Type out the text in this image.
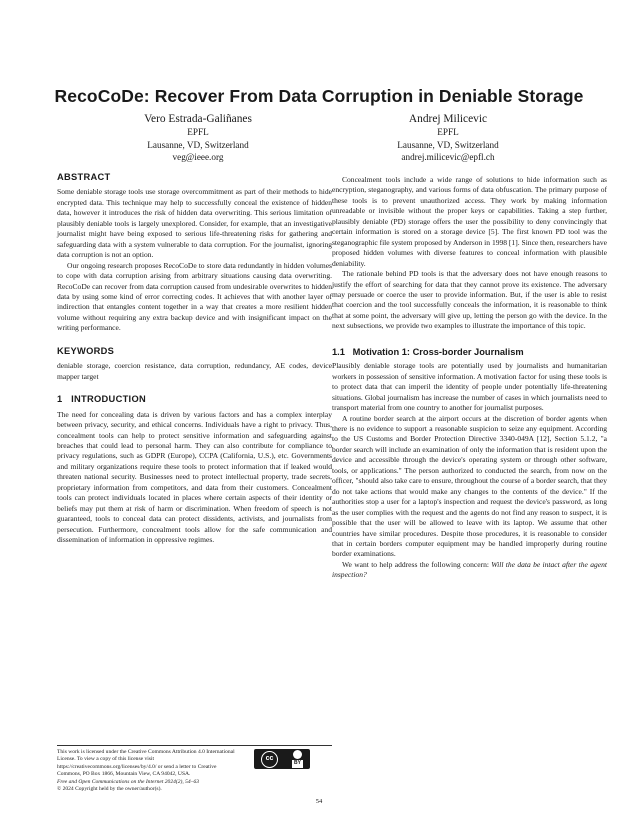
RecoCoDe: Recover From Data Corruption in Deniable Storage
Vero Estrada-Galiñanes
EPFL
Lausanne, VD, Switzerland
veg@ieee.org
Andrej Milicevic
EPFL
Lausanne, VD, Switzerland
andrej.milicevic@epfl.ch
ABSTRACT

Some deniable storage tools use storage overcommitment as part of their methods to hide encrypted data. This technique may help to successfully conceal the existence of hidden data, however it introduces the risk of hidden data overwriting. This serious limitation of plausibly deniable tools is largely unexplored. Consider, for example, that an investigative journalist might have being exposed to serious life-threatening risks for gathering and safeguarding data with a system vulnerable to data corruption. For the journalist, ignoring data corruption is not an option.

Our ongoing research proposes RecoCoDe to store data redundantly in hidden volumes to cope with data corruption arising from arbitrary situations causing data overwriting. RecoCoDe can recover from data corruption caused from undesirable overwrites to hidden data by using some kind of error correcting codes. It achieves that with another layer of indirection that entangles content together in a way that creates a more resilient hidden volume without requiring any extra backup device and with insignificant impact on the writing performance.

KEYWORDS

deniable storage, coercion resistance, data corruption, redundancy, AE codes, device mapper target

1   INTRODUCTION

The need for concealing data is driven by various factors and has a complex interplay between privacy, security, and ethical concerns. Individuals have a right to privacy. Thus, concealment tools can help to protect sensitive information and safeguarding against breaches that could lead to personal harm. They can also contribute for compliance to privacy regulations, such as GDPR (Europe), CCPA (California, U.S.), etc. Governments and military organizations require these tools to protect information that if leaked would threaten national security. Businesses need to protect intellectual property, trade secrets, proprietary information from competitors, and data from their customers. Concealment tools can protect individuals located in places where certain aspects of their identity or beliefs may put them at risk of harm or discrimination. When freedom of speech is not guaranteed, tools to conceal data can protect dissidents, activists, and journalists from persecution. Furthermore, concealment tools allow for the safe communication and dissemination of information in oppressive regimes.

Concealment tools include a wide range of solutions to hide information such as encryption, steganography, and various forms of data obfuscation. The primary purpose of these tools is to prevent unauthorized access. They work by making information unreadable or invisible without the proper keys or capabilities. Taking a step further, plausibly deniable (PD) storage offers the user the possibility to deny convincingly that certain information is stored on a storage device [5]. The first known PD tool was the steganographic file system proposed by Anderson in 1998 [1]. Since then, researchers have proposed hidden volumes with diverse features to conceal information with plausible deniability.

The rationale behind PD tools is that the adversary does not have enough reasons to justify the effort of searching for data that they cannot prove its existence. The adversary may persuade or coerce the user to provide information. But, if the user is able to resist that coercion and the tool successfully conceals the information, it is reasonable to think that at some point, the adversary will give up, letting the person go with the device. In the next subsections, we provide two examples to illustrate the importance of this topic.

1.1   Motivation 1: Cross-border Journalism

Plausibly deniable storage tools are potentially used by journalists and humanitarian workers in possession of sensitive information. A motivation factor for using these tools is to protect data that can imperil the identity of people under potentially life-threatening situations. Global journalism has increase the number of cases in which journalists need to transport material from one country to another for journalist purposes.

A routine border search at the airport occurs at the discretion of border agents when there is no evidence to support a reasonable suspicion to seize any equipment. According to the US Customs and Border Protection Directive 3340-049A [12], Section 5.1.2, "a border search will include an examination of only the information that is resident upon the device and accessible through the device's operating system or through other software, tools, or applications." The person authorized to conducted the search, from now on the officer, "should also take care to ensure, throughout the course of a border search, that they do not take actions that would make any changes to the contents of the device." If the authorities stop a user for a laptop's inspection and request the device's password, as long as the user complies with the request and the agents do not find any reason to suspect, it is possible that the user will be allowed to leave with its laptop. We assume that other countries have similar procedures. Despite those procedures, it is reasonable to consider that in certain borders computer equipment may be handled improperly during routine border examinations.

We want to help address the following concern: Will the data be intact after the agent inspection?

This work is licensed under the Creative Commons Attribution 4.0 International License. To view a copy of this license visit https://creativecommons.org/licenses/by/4.0/ or send a letter to Creative Commons, PO Box 1866, Mountain View, CA 94042, USA.
cc
BY
Free and Open Communications on the Internet 2024(2), 54–63
© 2024 Copyright held by the owner/author(s).
54
